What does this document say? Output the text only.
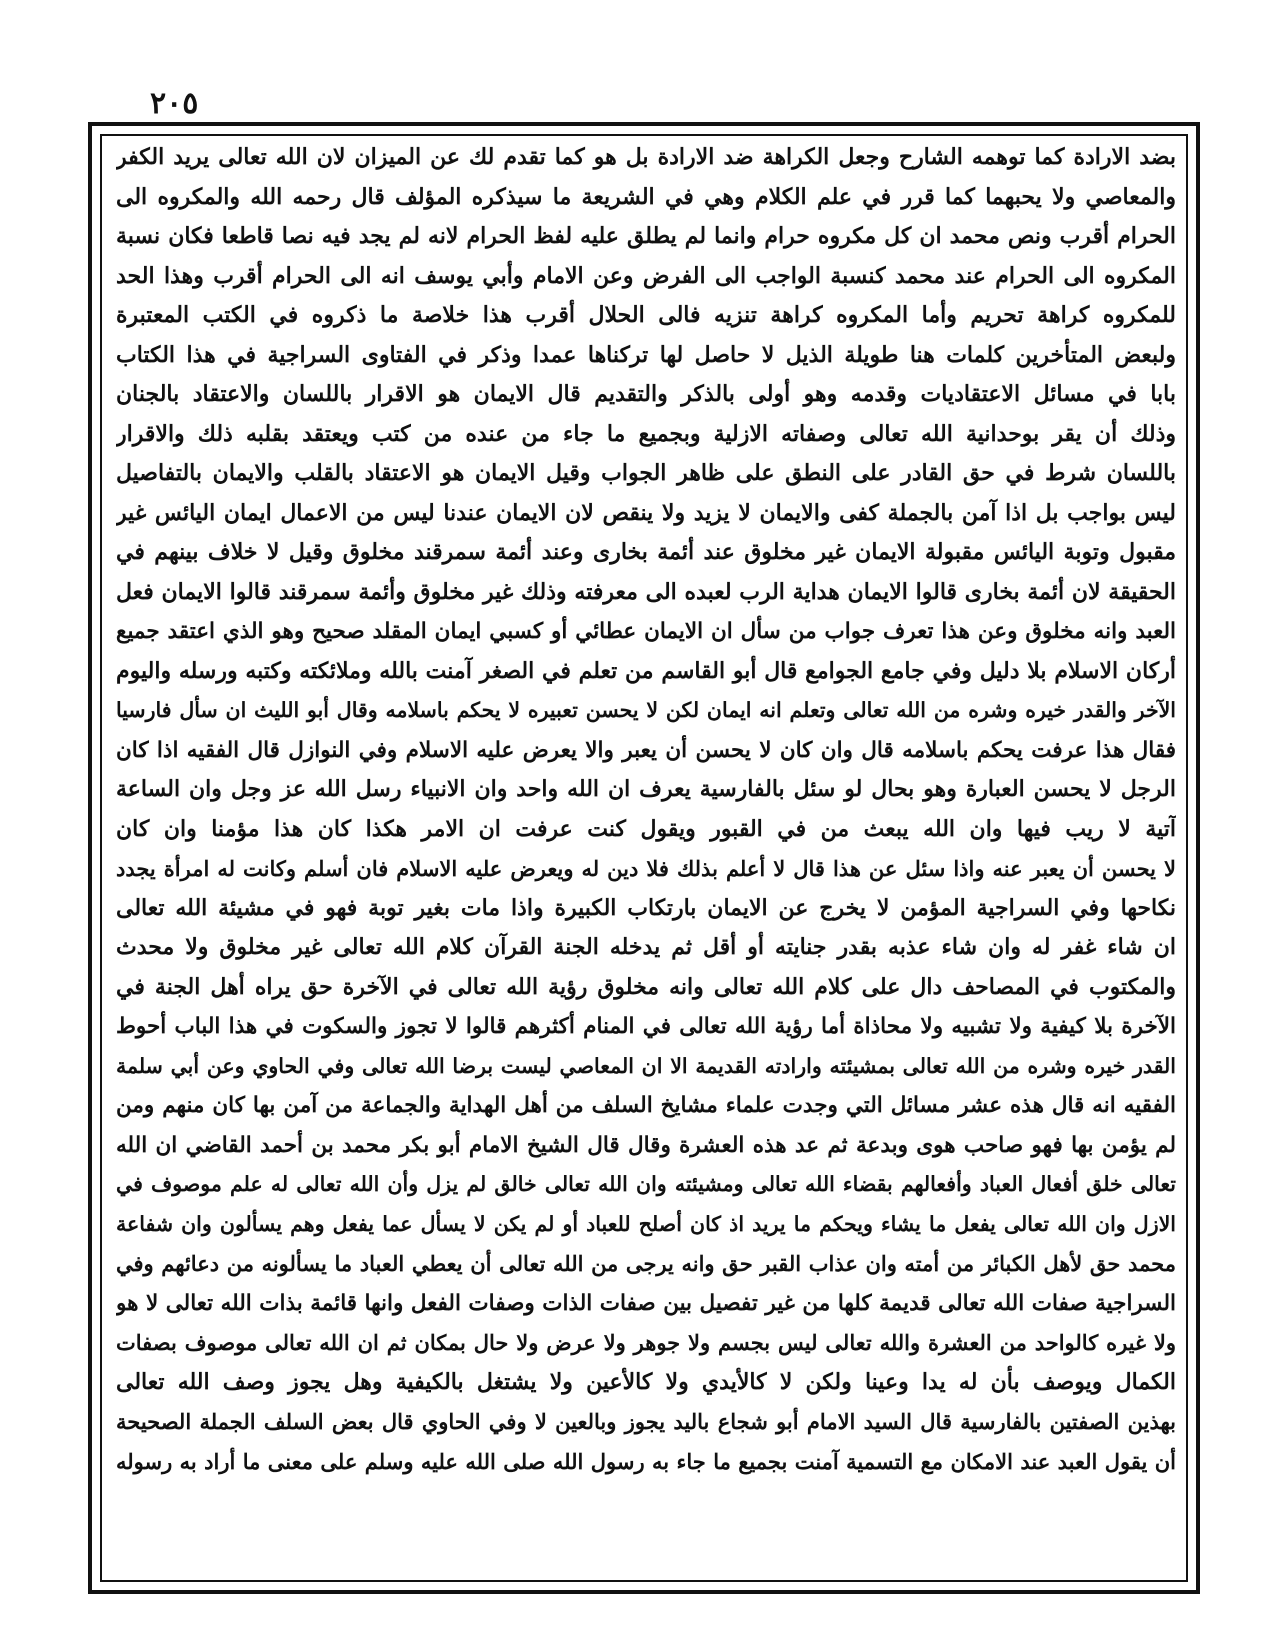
٢٠٥
بضد الارادة كما توهمه الشارح وجعل الكراهة ضد الارادة بل هو كما تقدم لك عن الميزان لان الله تعالى يريد الكفر
والمعاصي ولا يحبهما كما قرر في علم الكلام وهي في الشريعة ما سيذكره المؤلف قال رحمه الله والمكروه الى
الحرام أقرب ونص محمد ان كل مكروه حرام وانما لم يطلق عليه لفظ الحرام لانه لم يجد فيه نصا قاطعا فكان نسبة
المكروه الى الحرام عند محمد كنسبة الواجب الى الفرض وعن الامام وأبي يوسف انه الى الحرام أقرب وهذا الحد
للمكروه كراهة تحريم وأما المكروه كراهة تنزيه فالى الحلال أقرب هذا خلاصة ما ذكروه في الكتب المعتبرة
ولبعض المتأخرين كلمات هنا طويلة الذيل لا حاصل لها تركناها عمدا وذكر في الفتاوى السراجية في هذا الكتاب
بابا في مسائل الاعتقاديات وقدمه وهو أولى بالذكر والتقديم قال الايمان هو الاقرار باللسان والاعتقاد بالجنان
وذلك أن يقر بوحدانية الله تعالى وصفاته الازلية وبجميع ما جاء من عنده من كتب ويعتقد بقلبه ذلك والاقرار
باللسان شرط في حق القادر على النطق على ظاهر الجواب وقيل الايمان هو الاعتقاد بالقلب والايمان بالتفاصيل
ليس بواجب بل اذا آمن بالجملة كفى والايمان لا يزيد ولا ينقص لان الايمان عندنا ليس من الاعمال ايمان اليائس غير
مقبول وتوبة اليائس مقبولة الايمان غير مخلوق عند أئمة بخارى وعند أئمة سمرقند مخلوق وقيل لا خلاف بينهم في
الحقيقة لان أئمة بخارى قالوا الايمان هداية الرب لعبده الى معرفته وذلك غير مخلوق وأئمة سمرقند قالوا الايمان فعل
العبد وانه مخلوق وعن هذا تعرف جواب من سأل ان الايمان عطائي أو كسبي ايمان المقلد صحيح وهو الذي اعتقد جميع
أركان الاسلام بلا دليل وفي جامع الجوامع قال أبو القاسم من تعلم في الصغر آمنت بالله وملائكته وكتبه ورسله واليوم
الآخر والقدر خيره وشره من الله تعالى وتعلم انه ايمان لكن لا يحسن تعبيره لا يحكم باسلامه وقال أبو الليث ان سأل فارسيا
فقال هذا عرفت يحكم باسلامه قال وان كان لا يحسن أن يعبر والا يعرض عليه الاسلام وفي النوازل قال الفقيه اذا كان
الرجل لا يحسن العبارة وهو بحال لو سئل بالفارسية يعرف ان الله واحد وان الانبياء رسل الله عز وجل وان الساعة
آتية لا ريب فيها وان الله يبعث من في القبور ويقول كنت عرفت ان الامر هكذا كان هذا مؤمنا وان كان
لا يحسن أن يعبر عنه واذا سئل عن هذا قال لا أعلم بذلك فلا دين له ويعرض عليه الاسلام فان أسلم وكانت له امرأة يجدد
نكاحها وفي السراجية المؤمن لا يخرج عن الايمان بارتكاب الكبيرة واذا مات بغير توبة فهو في مشيئة الله تعالى
ان شاء غفر له وان شاء عذبه بقدر جنايته أو أقل ثم يدخله الجنة القرآن كلام الله تعالى غير مخلوق ولا محدث
والمكتوب في المصاحف دال على كلام الله تعالى وانه مخلوق رؤية الله تعالى في الآخرة حق يراه أهل الجنة في
الآخرة بلا كيفية ولا تشبيه ولا محاذاة أما رؤية الله تعالى في المنام أكثرهم قالوا لا تجوز والسكوت في هذا الباب أحوط
القدر خيره وشره من الله تعالى بمشيئته وارادته القديمة الا ان المعاصي ليست برضا الله تعالى وفي الحاوي وعن أبي سلمة
الفقيه انه قال هذه عشر مسائل التي وجدت علماء مشايخ السلف من أهل الهداية والجماعة من آمن بها كان منهم ومن
لم يؤمن بها فهو صاحب هوى وبدعة ثم عد هذه العشرة وقال قال الشيخ الامام أبو بكر محمد بن أحمد القاضي ان الله
تعالى خلق أفعال العباد وأفعالهم بقضاء الله تعالى ومشيئته وان الله تعالى خالق لم يزل وأن الله تعالى له علم موصوف في
الازل وان الله تعالى يفعل ما يشاء ويحكم ما يريد اذ كان أصلح للعباد أو لم يكن لا يسأل عما يفعل وهم يسألون وان شفاعة
محمد حق لأهل الكبائر من أمته وان عذاب القبر حق وانه يرجى من الله تعالى أن يعطي العباد ما يسألونه من دعائهم وفي
السراجية صفات الله تعالى قديمة كلها من غير تفصيل بين صفات الذات وصفات الفعل وانها قائمة بذات الله تعالى لا هو
ولا غيره كالواحد من العشرة والله تعالى ليس بجسم ولا جوهر ولا عرض ولا حال بمكان ثم ان الله تعالى موصوف بصفات
الكمال ويوصف بأن له يدا وعينا ولكن لا كالأيدي ولا كالأعين ولا يشتغل بالكيفية وهل يجوز وصف الله تعالى
بهذين الصفتين بالفارسية قال السيد الامام أبو شجاع باليد يجوز وبالعين لا وفي الحاوي قال بعض السلف الجملة الصحيحة
أن يقول العبد عند الامكان مع التسمية آمنت بجميع ما جاء به رسول الله صلى الله عليه وسلم على معنى ما أراد به رسوله
